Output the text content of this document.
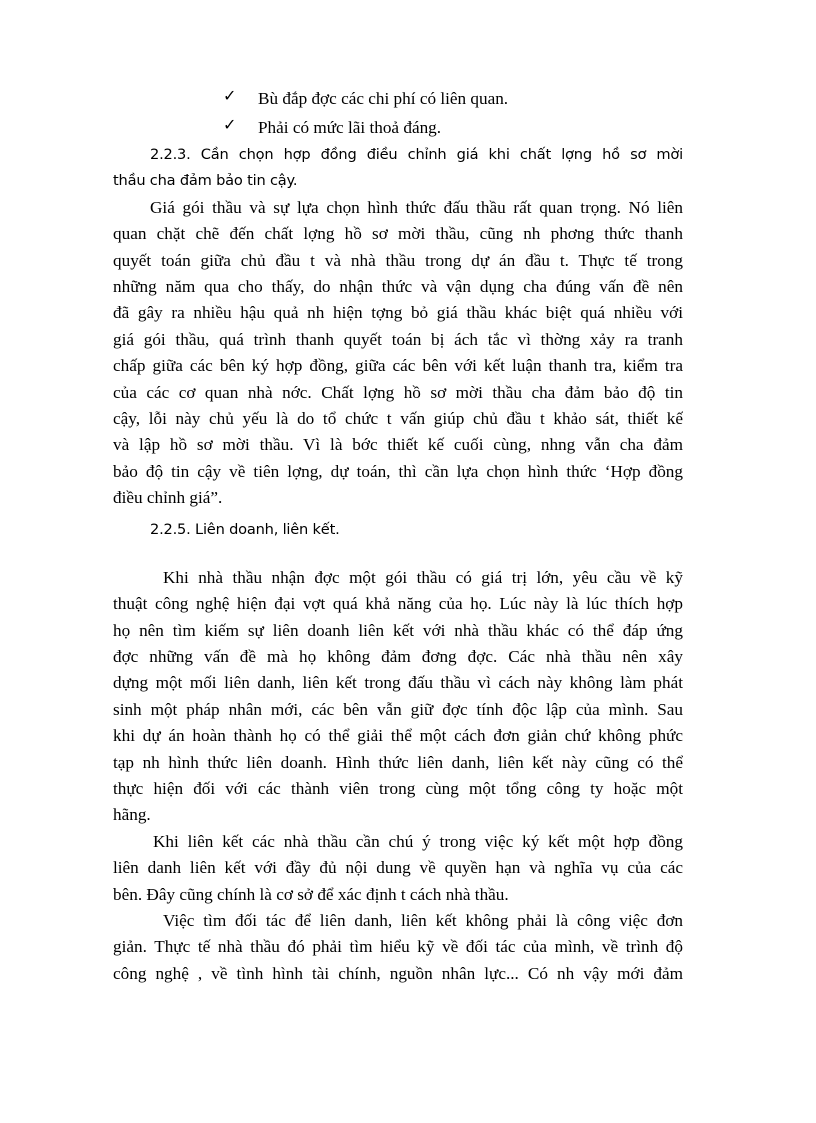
✓ Bù đắp đợc các chi phí có liên quan.
✓ Phải có mức lãi thoả đáng.
2.2.3. Cần chọn hợp đồng điều chỉnh giá khi chất lợng hồ sơ mời
thầu cha đảm bảo tin cậy.
Giá gói thầu và sự lựa chọn hình thức đấu thầu rất quan trọng. Nó liên
quan chặt chẽ đến chất lợng hồ sơ mời thầu, cũng nh phơng thức thanh
quyết toán giữa chủ đầu t và nhà thầu trong dự án đầu t. Thực tế trong
những năm qua cho thấy, do nhận thức và vận dụng cha đúng vấn đề nên
đã gây ra nhiều hậu quả nh hiện tợng bỏ giá thầu khác biệt quá nhiều với
giá gói thầu, quá trình thanh quyết toán bị ách tắc vì thờng xảy ra tranh
chấp giữa các bên ký hợp đồng, giữa các bên với kết luận thanh tra, kiểm tra
của các cơ quan nhà nớc. Chất lợng hồ sơ mời thầu cha đảm bảo độ tin
cậy, lỗi này chủ yếu là do tổ chức t vấn giúp chủ đầu t khảo sát, thiết kế
và lập hồ sơ mời thầu. Vì là bớc thiết kế cuối cùng, nhng vẫn cha đảm
bảo độ tin cậy về tiên lợng, dự toán, thì cần lựa chọn hình thức ‘Hợp đồng
điều chỉnh giá”.
2.2.5. Liên doanh, liên kết.
Khi nhà thầu nhận đợc một gói thầu có giá trị lớn, yêu cầu về kỹ
thuật công nghệ hiện đại vợt quá khả năng của họ. Lúc này là lúc thích hợp
họ nên tìm kiếm sự liên doanh liên kết với nhà thầu khác có thể đáp ứng
đợc những vấn đề mà họ không đảm đơng đợc. Các nhà thầu nên xây
dựng một mối liên danh, liên kết trong đấu thầu vì cách này không làm phát
sinh một pháp nhân mới, các bên vẫn giữ đợc tính độc lập của mình. Sau
khi dự án hoàn thành họ có thể giải thể một cách đơn giản chứ không phức
tạp nh hình thức liên doanh. Hình thức liên danh, liên kết này cũng có thể
thực hiện đối với các thành viên trong cùng một tổng công ty hoặc một
hãng.
Khi liên kết các nhà thầu cần chú ý trong việc ký kết một hợp đồng
liên danh liên kết với đầy đủ nội dung về quyền hạn và nghĩa vụ của các
bên. Đây cũng chính là cơ sở để xác định t cách nhà thầu.
Việc tìm đối tác để liên danh, liên kết không phải là công việc đơn
giản. Thực tế nhà thầu đó phải tìm hiểu kỹ về đối tác của mình, về trình độ
công nghệ , về tình hình tài chính, nguồn nhân lực... Có nh vậy mới đảm
